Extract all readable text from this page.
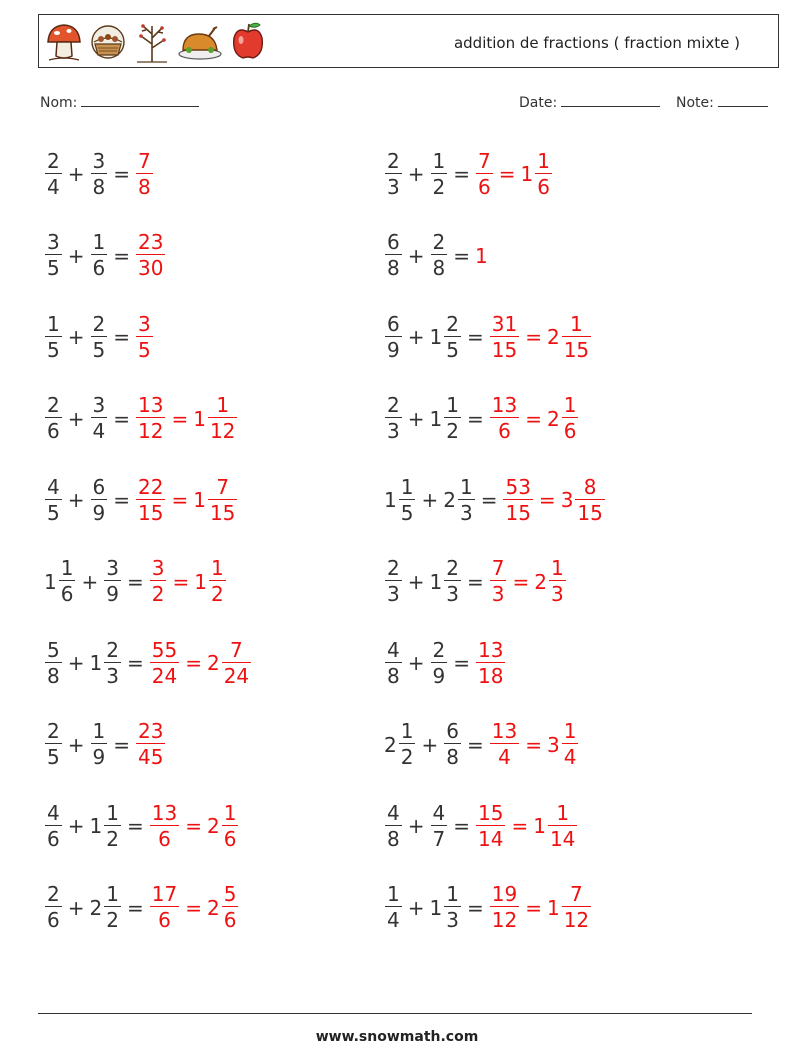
addition de fractions ( fraction mixte )
Nom:	Date:	Note:
$\frac{2}{4} + \frac{3}{8} = \frac{7}{8}$	$\frac{2}{3} + \frac{1}{2} = \frac{7}{6} = 1 \frac{1}{6}$
$\frac{3}{5} + \frac{1}{6} = \frac{23}{30}$	$\frac{6}{8} + \frac{2}{8} = 1$
$\frac{1}{5} + \frac{2}{5} = \frac{3}{5}$	$\frac{6}{9} + 1 \frac{2}{5} = \frac{31}{15} = 2 \frac{1}{15}$
$\frac{2}{6} + \frac{3}{4} = \frac{13}{12} = 1 \frac{1}{12}$	$\frac{2}{3} + 1 \frac{1}{2} = \frac{13}{6} = 2 \frac{1}{6}$
$\frac{4}{5} + \frac{6}{9} = \frac{22}{15} = 1 \frac{7}{15}$	$1 \frac{1}{5} + 2 \frac{1}{3} = \frac{53}{15} = 3 \frac{8}{15}$
$1 \frac{1}{6} + \frac{3}{9} = \frac{3}{2} = 1 \frac{1}{2}$	$\frac{2}{3} + 1 \frac{2}{3} = \frac{7}{3} = 2 \frac{1}{3}$
$\frac{5}{8} + 1 \frac{2}{3} = \frac{55}{24} = 2 \frac{7}{24}$	$\frac{4}{8} + \frac{2}{9} = \frac{13}{18}$
$\frac{2}{5} + \frac{1}{9} = \frac{23}{45}$	$2 \frac{1}{2} + \frac{6}{8} = \frac{13}{4} = 3 \frac{1}{4}$
$\frac{4}{6} + 1 \frac{1}{2} = \frac{13}{6} = 2 \frac{1}{6}$	$\frac{4}{8} + \frac{4}{7} = \frac{15}{14} = 1 \frac{1}{14}$
$\frac{2}{6} + 2 \frac{1}{2} = \frac{17}{6} = 2 \frac{5}{6}$	$\frac{1}{4} + 1 \frac{1}{3} = \frac{19}{12} = 1 \frac{7}{12}$
www.snowmath.com
